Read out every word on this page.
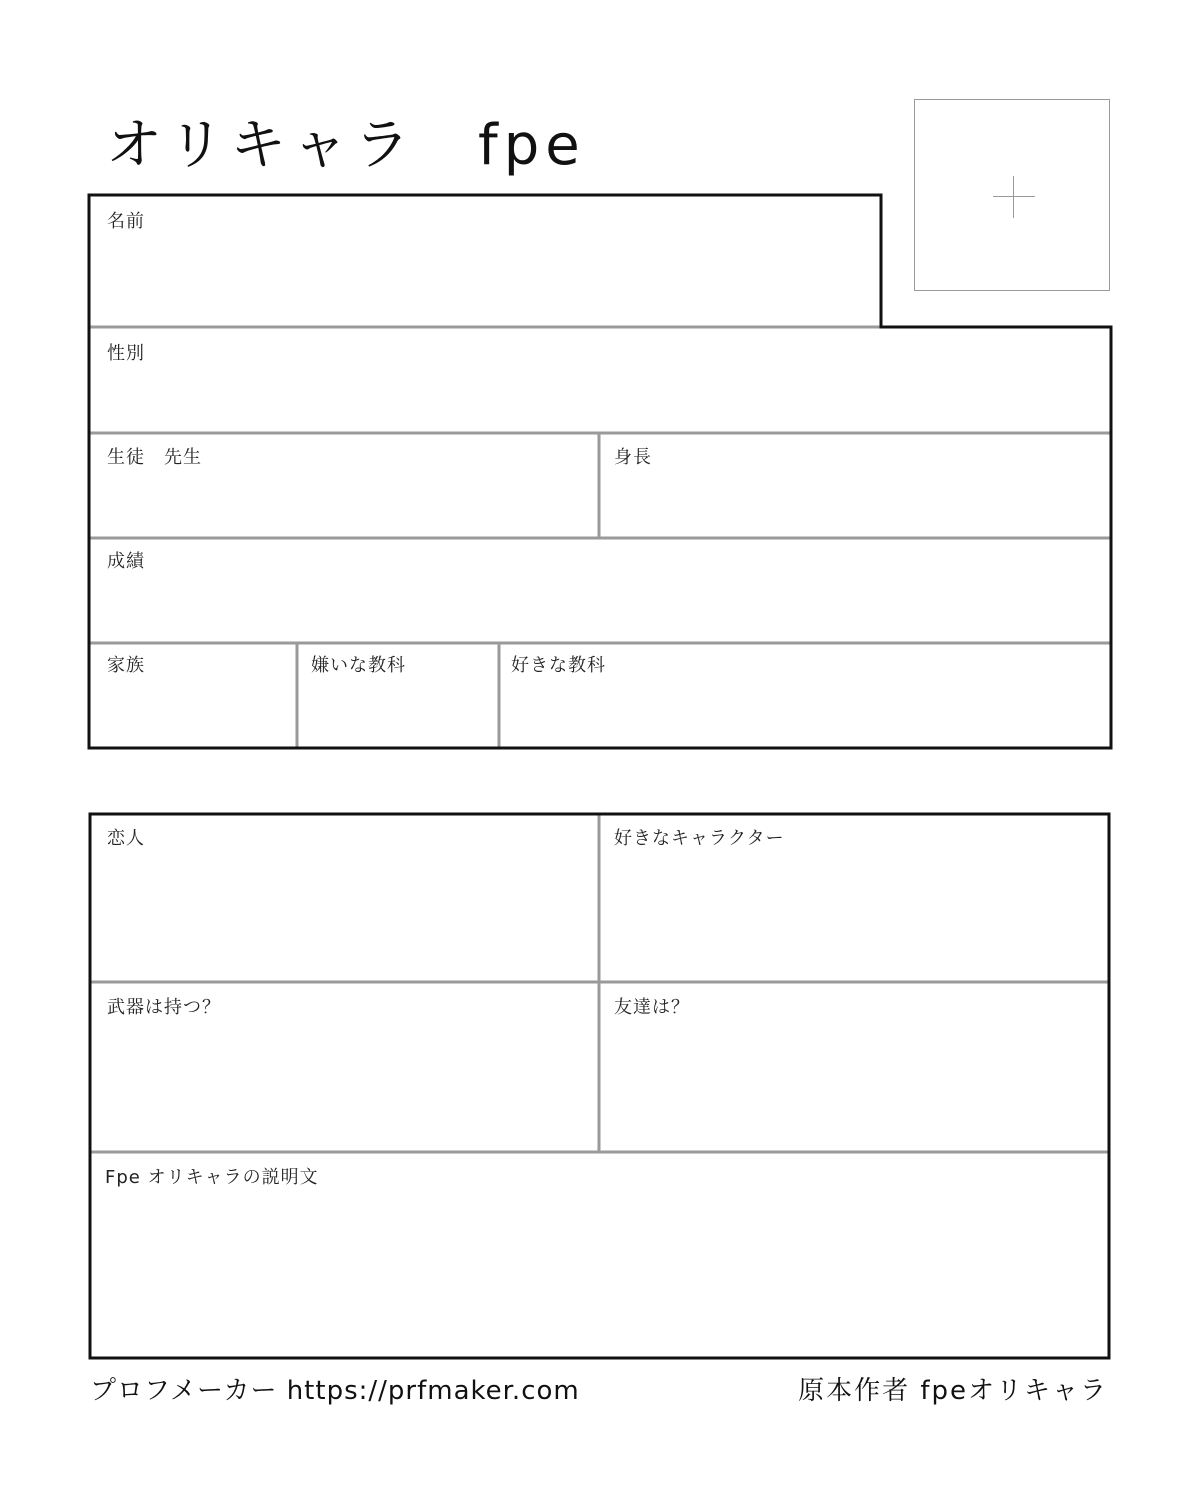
オリキャラ　fpe
名前
性別
生徒　先生	身長
成績
家族	嫌いな教科	好きな教科
恋人	好きなキャラクター
武器は持つ？	友達は？
Fpe オリキャラの説明文
プロフメーカー https://prfmaker.com	原本作者 fpeオリキャラ
